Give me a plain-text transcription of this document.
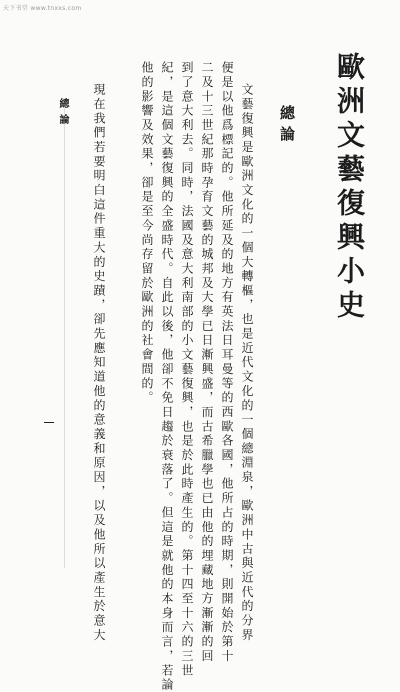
天下书堂 www.tnxxs.com
歐洲文藝復興小史
總論
文藝復興是歐洲文化的一個大轉樞，也是近代文化的一個總淵泉，歐洲中古與近代的分界
便是以他爲標記的。他所延及的地方有英法日耳曼等的西歐各國，他所占的時期，則開始於第十
二及十三世紀那時孕育文藝的城邦及大學已日漸興盛，而古希臘學也已由他的埋藏地方漸漸的回
到了意大利去。同時，法國及意大利南部的小文藝復興，也是於此時產生的。第十四至十六的三世
紀，是這個文藝復興的全盛時代。自此以後，他卻不免日趨於衰落了。但這是就他的本身而言，若論
他的影響及效果，卻是至今尚存留於歐洲的社會間的。
現在我們若要明白這件重大的史蹟，卻先應知道他的意義和原因，以及他所以產生於意大
總論
